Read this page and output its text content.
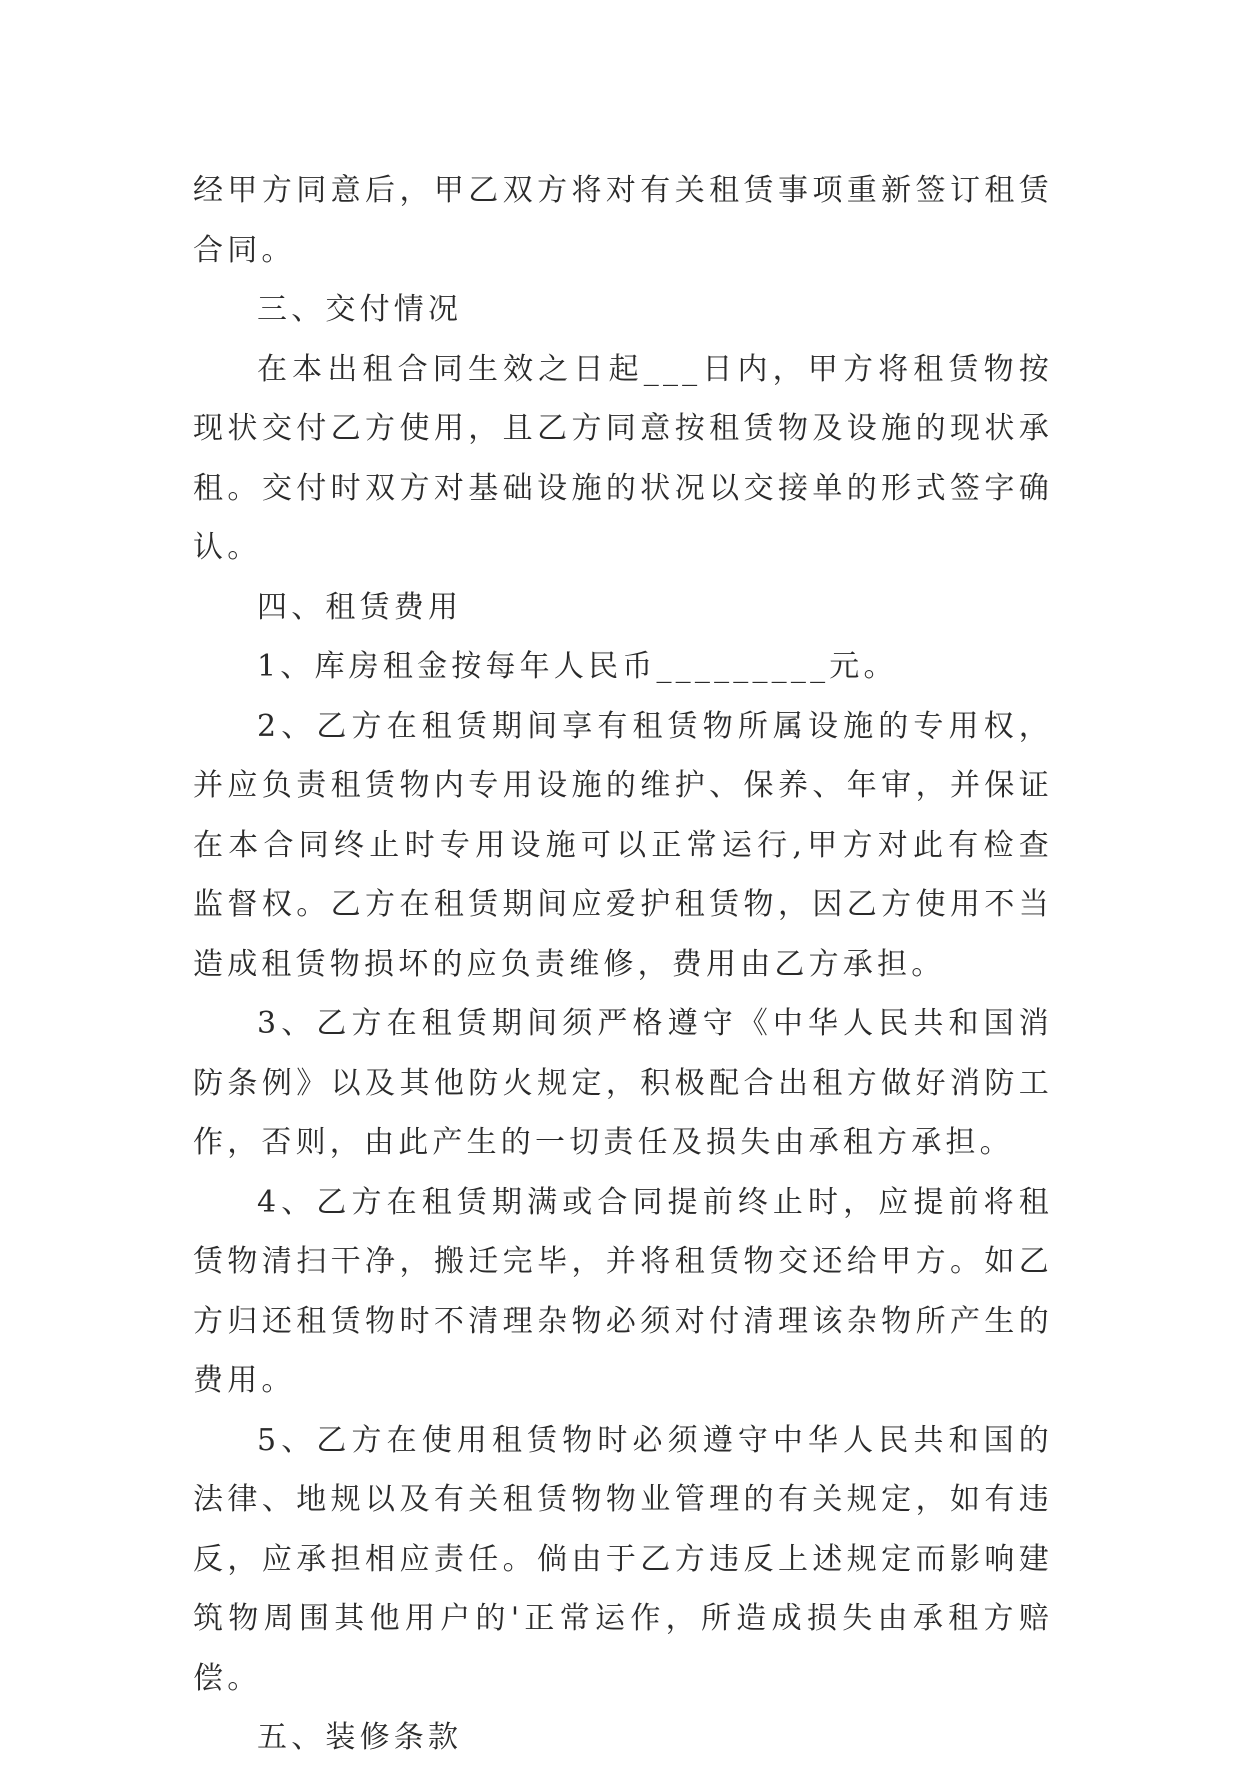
经甲方同意后，甲乙双方将对有关租赁事项重新签订租赁合同。

三、交付情况

在本出租合同生效之日起___日内，甲方将租赁物按现状交付乙方使用，且乙方同意按租赁物及设施的现状承租。交付时双方对基础设施的状况以交接单的形式签字确认。

四、租赁费用

1、库房租金按每年人民币_________元。

2、乙方在租赁期间享有租赁物所属设施的专用权，并应负责租赁物内专用设施的维护、保养、年审，并保证在本合同终止时专用设施可以正常运行,甲方对此有检查监督权。乙方在租赁期间应爱护租赁物，因乙方使用不当造成租赁物损坏的应负责维修，费用由乙方承担。

3、乙方在租赁期间须严格遵守《中华人民共和国消防条例》以及其他防火规定，积极配合出租方做好消防工作，否则，由此产生的一切责任及损失由承租方承担。

4、乙方在租赁期满或合同提前终止时，应提前将租赁物清扫干净，搬迁完毕，并将租赁物交还给甲方。如乙方归还租赁物时不清理杂物必须对付清理该杂物所产生的费用。

5、乙方在使用租赁物时必须遵守中华人民共和国的法律、地规以及有关租赁物物业管理的有关规定，如有违反，应承担相应责任。倘由于乙方违反上述规定而影响建筑物周围其他用户的'正常运作，所造成损失由承租方赔偿。

五、装修条款
